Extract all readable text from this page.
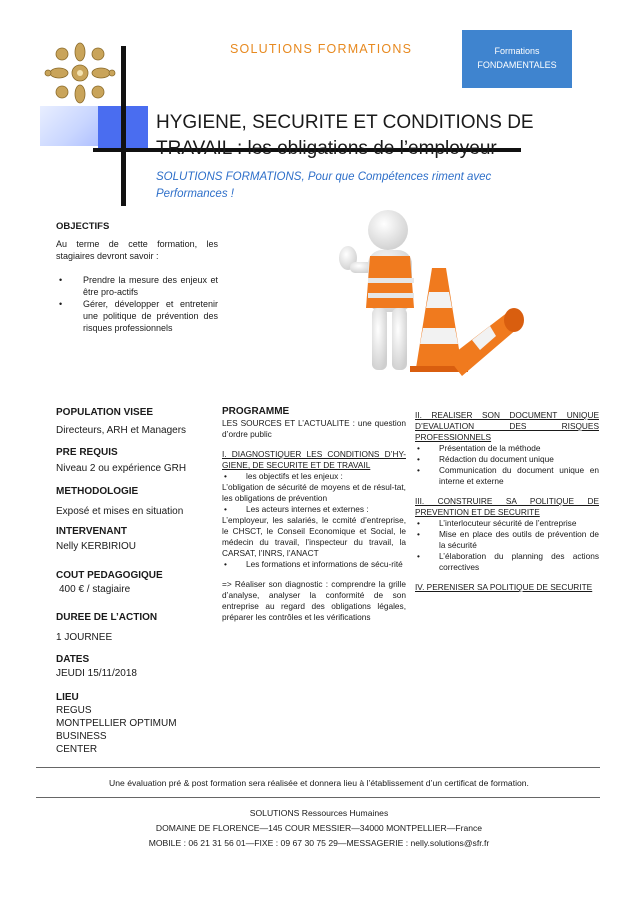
SOLUTIONS FORMATIONS	Formations
FONDAMENTALES
HYGIENE, SECURITE ET CONDITIONS DE
TRAVAIL : les obligations de l’employeur
SOLUTIONS FORMATIONS, Pour que Compétences riment avec Performances !
OBJECTIFS
Au terme de cette formation, les stagiaires devront savoir :
• Prendre la mesure des enjeux et être pro-actifs
• Gérer, développer et entretenir une politique de prévention des risques professionnels
POPULATION VISEE
Directeurs, ARH et Managers
PRE REQUIS
Niveau 2 ou expérience GRH
METHODOLOGIE
Exposé et mises en situation
INTERVENANT
Nelly KERBIRIOU
COUT PEDAGOGIQUE
400 € / stagiaire
DUREE DE L’ACTION
1 JOURNEE
DATES
JEUDI 15/11/2018
LIEU
REGUS
MONTPELLIER OPTIMUM BUSINESS
CENTER
PROGRAMME
LES SOURCES ET L’ACTUALITE : une question d’ordre public
I. DIAGNOSTIQUER LES CONDITIONS D’HY-GIENE, DE SECURITE ET DE TRAVAIL
• les objectifs et les enjeux :
L’obligation de sécurité de moyens et de résul-tat, les obligations de prévention
• Les acteurs internes et externes :
L’employeur, les salariés, le ccmité d’entreprise, le CHSCT, le Conseil Economique et Social, le médecin du travail, l’inspecteur du travail, la CARSAT, l’INRS, l’ANACT
• Les formations et informations de sécu-rité
=> Réaliser son diagnostic : comprendre la grille d’analyse, analyser la conformité de son entreprise au regard des obligations légales, préparer les contrôles et les vérifications
II. REALISER SON DOCUMENT UNIQUE D’EVALUATION DES RISQUES PROFESSIONNELS
• Présentation de la méthode
• Rédaction du document unique
• Communication du document unique en interne et externe
III. CONSTRUIRE SA POLITIQUE DE PREVENTION ET DE SECURITE
• L’interlocuteur sécurité de l’entreprise
• Mise en place des outils de prévention de la sécurité
• L’élaboration du planning des actions correctives
IV. PERENISER SA POLITIQUE DE SECURITE
Une évaluation pré & post formation sera réalisée et donnera lieu à l’établissement d’un certificat de formation.
SOLUTIONS Ressources Humaines
DOMAINE DE FLORENCE—145 COUR MESSIER—34000 MONTPELLIER—France
MOBILE : 06 21 31 56 01—FIXE : 09 67 30 75 29—MESSAGERIE : nelly.solutions@sfr.fr
